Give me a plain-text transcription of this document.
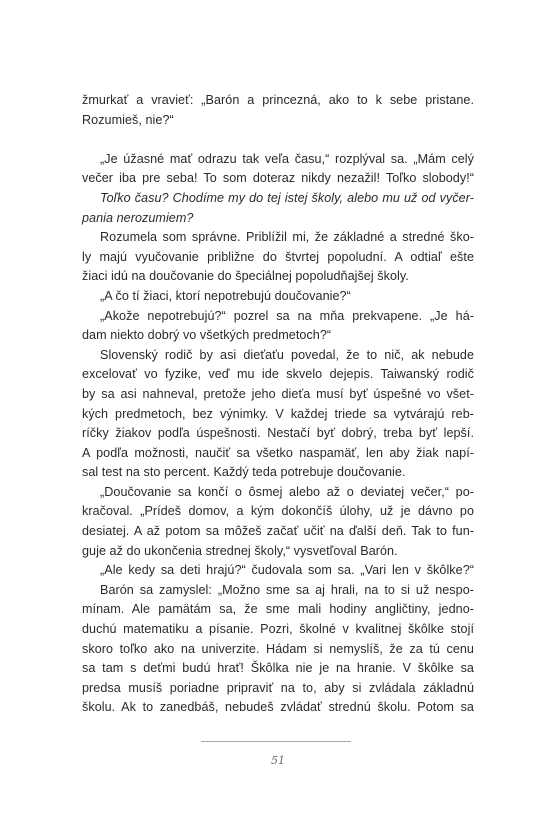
žmurkať a vravieť: „Barón a princezná, ako to k sebe pristane.
Rozumieš, nie?“
„Je úžasné mať odrazu tak veľa času,“ rozplýval sa. „Mám celý
večer iba pre seba! To som doteraz nikdy nezažil! Toľko slobody!“
Toľko času? Chodíme my do tej istej školy, alebo mu už od vyčer-
pania nerozumiem?
Rozumela som správne. Priblížil mi, že základné a stredné ško-
ly majú vyučovanie približne do štvrtej popoludní. A odtiaľ ešte
žiaci idú na doučovanie do špeciálnej popoludňajšej školy.
„A čo tí žiaci, ktorí nepotrebujú doučovanie?“
„Akože nepotrebujú?“ pozrel sa na mňa prekvapene. „Je há-
dam niekto dobrý vo všetkých predmetoch?“
Slovenský rodič by asi dieťaťu povedal, že to nič, ak nebude
excelovať vo fyzike, veď mu ide skvelo dejepis. Taiwanský rodič
by sa asi nahneval, pretože jeho dieťa musí byť úspešné vo všet-
kých predmetoch, bez výnimky. V každej triede sa vytvárajú reb-
ríčky žiakov podľa úspešnosti. Nestačí byť dobrý, treba byť lepší.
A podľa možnosti, naučiť sa všetko naspamäť, len aby žiak napí-
sal test na sto percent. Každý teda potrebuje doučovanie.
„Doučovanie sa končí o ôsmej alebo až o deviatej večer,“ po-
kračoval. „Prídeš domov, a kým dokončíš úlohy, už je dávno po
desiatej. A až potom sa môžeš začať učiť na ďalší deň. Tak to fun-
guje až do ukončenia strednej školy,“ vysvetľoval Barón.
„Ale kedy sa deti hrajú?“ čudovala som sa. „Vari len v škôlke?“
Barón sa zamyslel: „Možno sme sa aj hrali, na to si už nespo-
mínam. Ale pamätám sa, že sme mali hodiny angličtiny, jedno-
duchú matematiku a písanie. Pozri, školné v kvalitnej škôlke stojí
skoro toľko ako na univerzite. Hádam si nemyslíš, že za tú cenu
sa tam s deťmi budú hrať! Škôlka nie je na hranie. V škôlke sa
predsa musíš poriadne pripraviť na to, aby si zvládala základnú
školu. Ak to zanedbáš, nebudeš zvládať strednú školu. Potom sa
51
